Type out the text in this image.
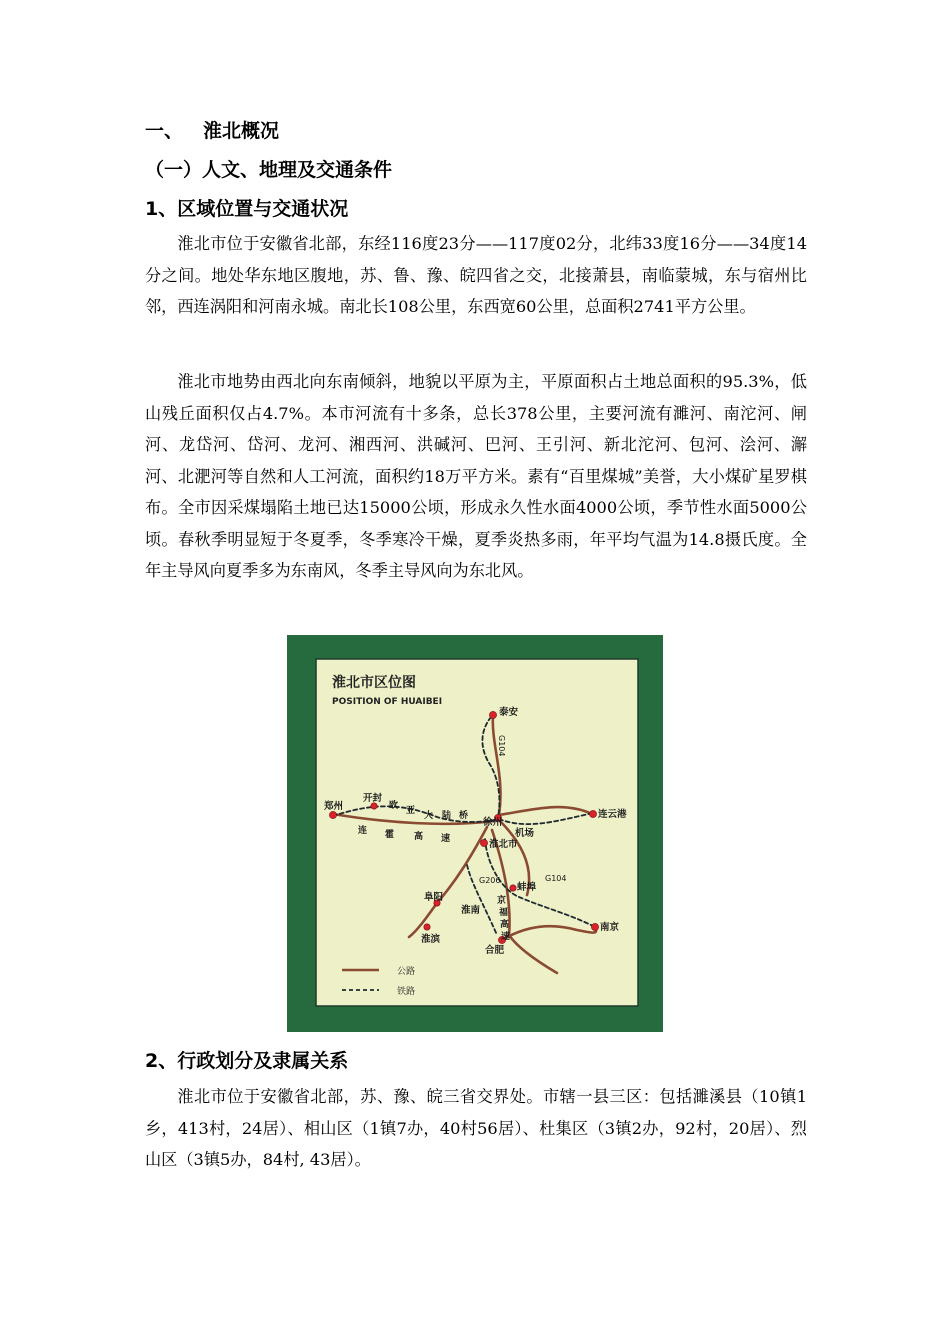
一、 淮北概况
（一）人文、地理及交通条件
1、区域位置与交通状况

淮北市位于安徽省北部，东经116度23分——117度02分，北纬33度16分——34度14分之间。地处华东地区腹地，苏、鲁、豫、皖四省之交，北接萧县，南临蒙城，东与宿州比邻，西连涡阳和河南永城。南北长108公里，东西宽60公里，总面积2741平方公里。

淮北市地势由西北向东南倾斜，地貌以平原为主，平原面积占土地总面积的95.3%，低山残丘面积仅占4.7%。本市河流有十多条，总长378公里，主要河流有濉河、南沱河、闸河、龙岱河、岱河、龙河、湘西河、洪碱河、巴河、王引河、新北沱河、包河、浍河、澥河、北淝河等自然和人工河流，面积约18万平方米。素有“百里煤城”美誉，大小煤矿星罗棋布。全市因采煤塌陷土地已达15000公顷，形成永久性水面4000公顷，季节性水面5000公顷。春秋季明显短于冬夏季，冬季寒冷干燥，夏季炎热多雨，年平均气温为14.8摄氏度。全年主导风向夏季多为东南风，冬季主导风向为东北风。

淮北市区位图
POSITION OF HUAIBEI
泰安
郑州
开封
徐州
连云港
机场
淮北市
阜阳
蚌埠
淮南
南京
淮滨
合肥
G104
G104
G206
欧 亚 大 陆 桥
连 霍 高 速
京
福
高
速
公路
铁路
2、行政划分及隶属关系

淮北市位于安徽省北部，苏、豫、皖三省交界处。市辖一县三区：包括濉溪县（10镇1乡，413村，24居）、相山区（1镇7办，40村56居）、杜集区（3镇2办，92村，20居）、烈山区（3镇5办，84村, 43居）。
